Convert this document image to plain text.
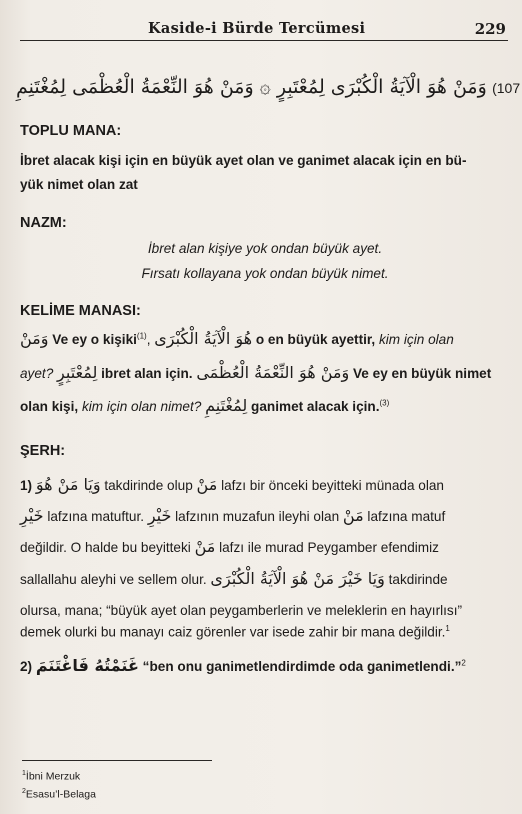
Kaside-i Bürde Tercümesi	229
وَمَنْ هُوَ الْآيَةُ الْكُبْرَى لِمُعْتَبِرٍ ۞ وَمَنْ هُوَ النِّعْمَةُ الْعُظْمَى لِمُغْتَنِمِ (107
TOPLU MANA:
İbret alacak kişi için en büyük ayet olan ve ganimet alacak için en bü-
yük nimet olan zat
NAZM:
İbret alan kişiye yok ondan büyük ayet.
Fırsatı kollayana yok ondan büyük nimet.
KELİME MANASI:
وَمَنْ Ve ey o kişiki$^{(1)}$, هُوَ الْآيَةُ الْكُبْرَى o en büyük ayettir, kim için olan
ayet? لِمُعْتَبِرٍ ibret alan için. وَمَنْ هُوَ النِّعْمَةُ الْعُظْمَى Ve ey en büyük nimet
olan kişi, kim için olan nimet? لِمُغْتَنِمِ ganimet alacak için.$^{(3)}$
ŞERH:
1) وَيَا مَنْ هُوَ takdirinde olup مَنْ lafzı bir önceki beyitteki münada olan
خَيْرِ lafzına matuftur. خَيْرِ lafzının muzafun ileyhi olan مَنْ lafzına matuf
değildir. O halde bu beyitteki مَنْ lafzı ile murad Peygamber efendimiz
sallallahu aleyhi ve sellem olur. وَيَا خَيْرَ مَنْ هُوَ الْآيَةُ الْكُبْرَى takdirinde
olursa, mana; “büyük ayet olan peygamberlerin ve meleklerin en hayırlısı”
demek olurki bu manayı caiz görenler var isede zahir bir mana değildir.$^1$
2) غَنَمْتُهُ فَاغْتَنَمَ “ben onu ganimetlendirdimde oda ganimetlendi.”$^2$
$^1$İbni Merzuk
$^2$Esasu’l-Belaga
